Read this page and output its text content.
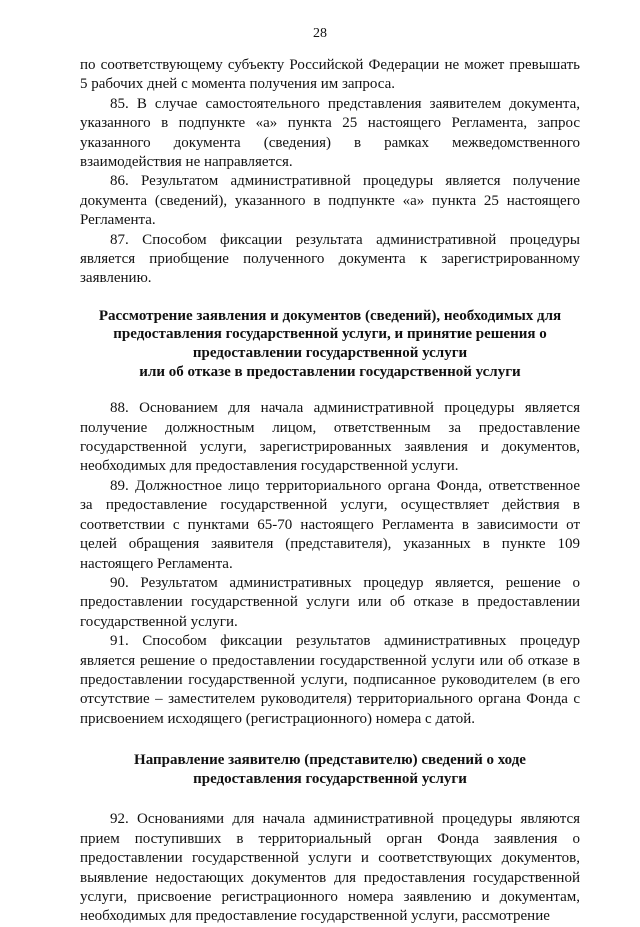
28

по соответствующему субъекту Российской Федерации не может превышать 5 рабочих дней с момента получения им запроса.

85. В случае самостоятельного представления заявителем документа, указанного в подпункте «а» пункта 25 настоящего Регламента, запрос указанного документа (сведения) в рамках межведомственного взаимодействия не направляется.

86. Результатом административной процедуры является получение документа (сведений), указанного в подпункте «а» пункта 25 настоящего Регламента.

87. Способом фиксации результата административной процедуры является приобщение полученного документа к зарегистрированному заявлению.

Рассмотрение заявления и документов (сведений), необходимых для
предоставления государственной услуги, и принятие решения о
предоставлении государственной услуги
или об отказе в предоставлении государственной услуги

88. Основанием для начала административной процедуры является получение должностным лицом, ответственным за предоставление государственной услуги, зарегистрированных заявления и документов, необходимых для предоставления государственной услуги.

89. Должностное лицо территориального органа Фонда, ответственное за предоставление государственной услуги, осуществляет действия в соответствии с пунктами 65-70 настоящего Регламента в зависимости от целей обращения заявителя (представителя), указанных в пункте 109 настоящего Регламента.

90. Результатом административных процедур является, решение о предоставлении государственной услуги или об отказе в предоставлении государственной услуги.

91. Способом фиксации результатов административных процедур является решение о предоставлении государственной услуги или об отказе в предоставлении государственной услуги, подписанное руководителем (в его отсутствие – заместителем руководителя) территориального органа Фонда с присвоением исходящего (регистрационного) номера с датой.

Направление заявителю (представителю) сведений о ходе
предоставления государственной услуги

92. Основаниями для начала административной процедуры являются прием поступивших в территориальный орган Фонда заявления о предоставлении государственной услуги и соответствующих документов, выявление недостающих документов для предоставления государственной услуги, присвоение регистрационного номера заявлению и документам, необходимых для предоставление государственной услуги, рассмотрение
